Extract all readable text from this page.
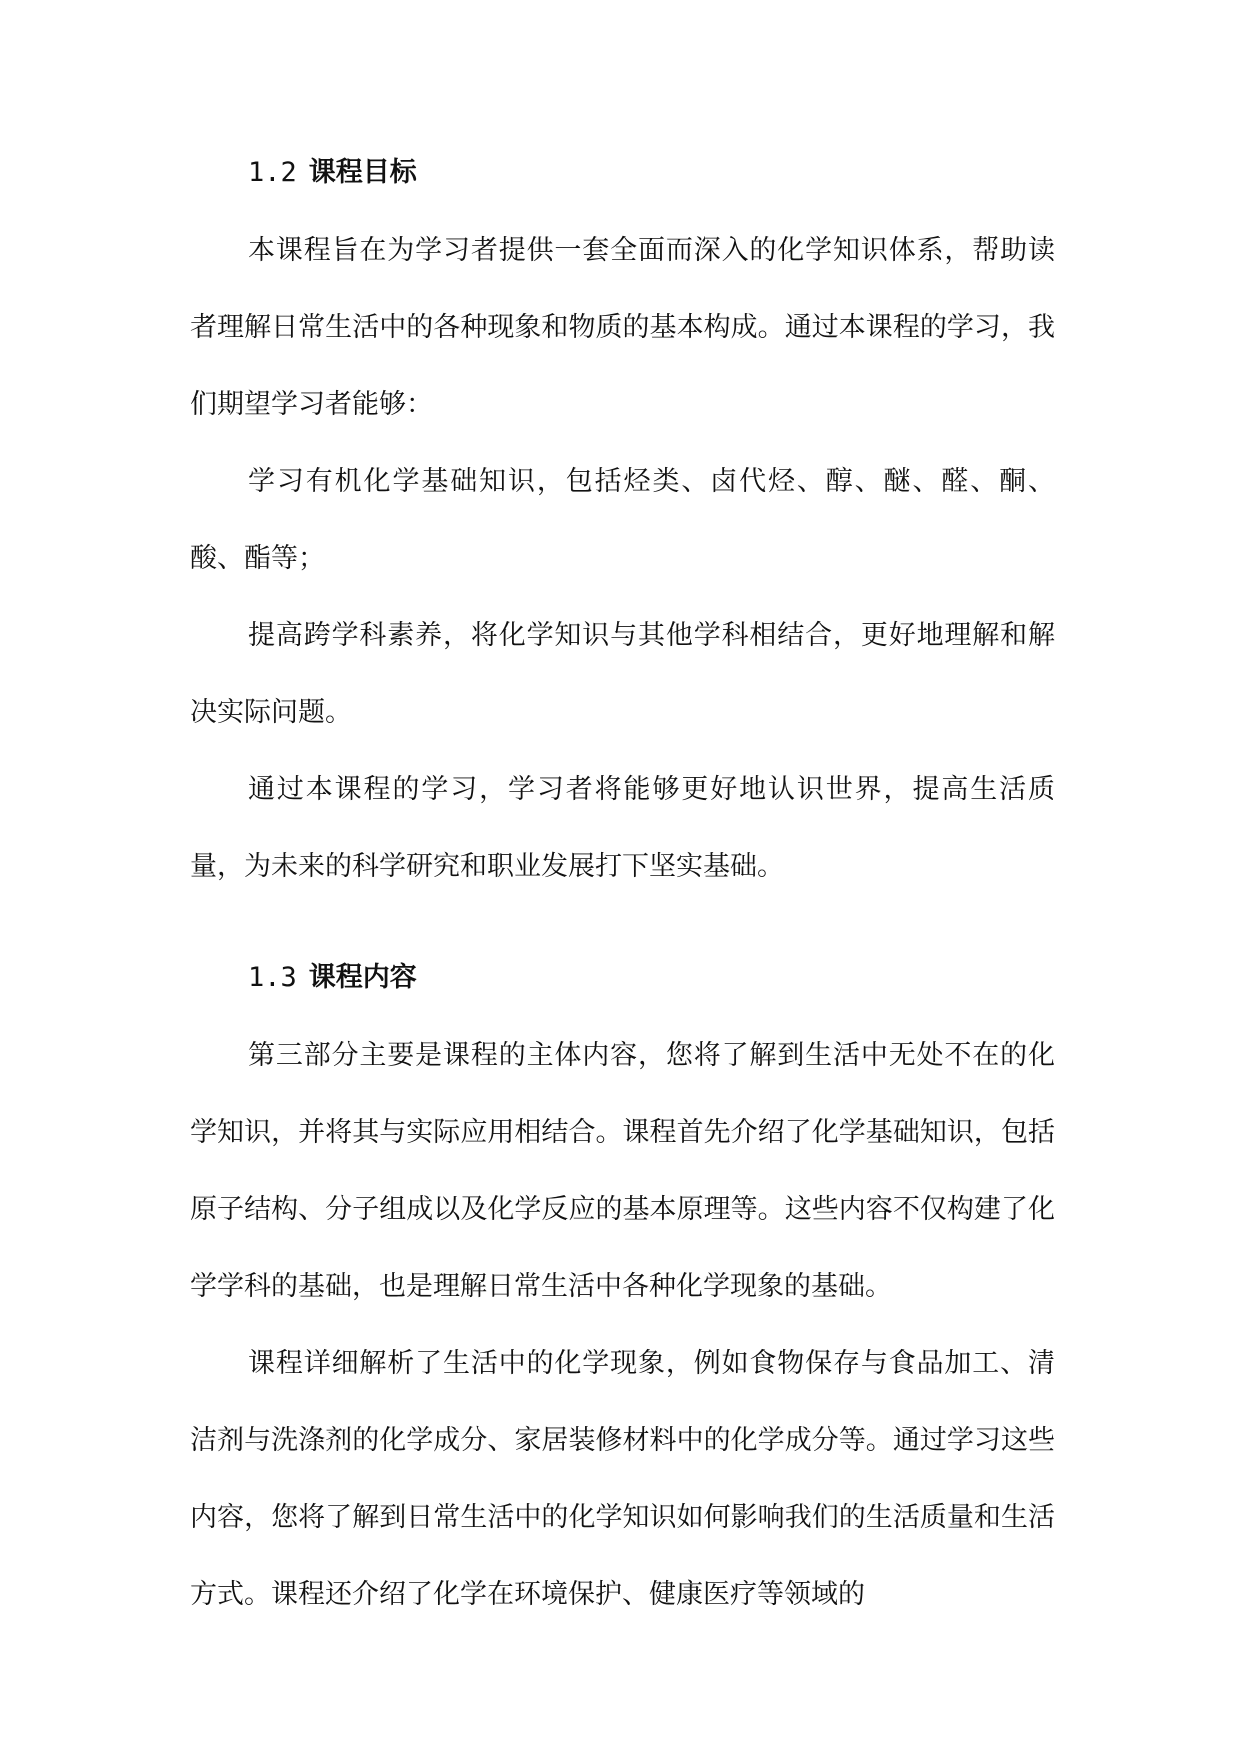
1.2 课程目标

本课程旨在为学习者提供一套全面而深入的化学知识体系，帮助读者理解日常生活中的各种现象和物质的基本构成。通过本课程的学习，我们期望学习者能够：

学习有机化学基础知识，包括烃类、卤代烃、醇、醚、醛、酮、酸、酯等；

提高跨学科素养，将化学知识与其他学科相结合，更好地理解和解决实际问题。

通过本课程的学习，学习者将能够更好地认识世界，提高生活质量，为未来的科学研究和职业发展打下坚实基础。

1.3 课程内容

第三部分主要是课程的主体内容，您将了解到生活中无处不在的化学知识，并将其与实际应用相结合。课程首先介绍了化学基础知识，包括原子结构、分子组成以及化学反应的基本原理等。这些内容不仅构建了化学学科的基础，也是理解日常生活中各种化学现象的基础。

课程详细解析了生活中的化学现象，例如食物保存与食品加工、清洁剂与洗涤剂的化学成分、家居装修材料中的化学成分等。通过学习这些内容，您将了解到日常生活中的化学知识如何影响我们的生活质量和生活方式。课程还介绍了化学在环境保护、健康医疗等领域的
